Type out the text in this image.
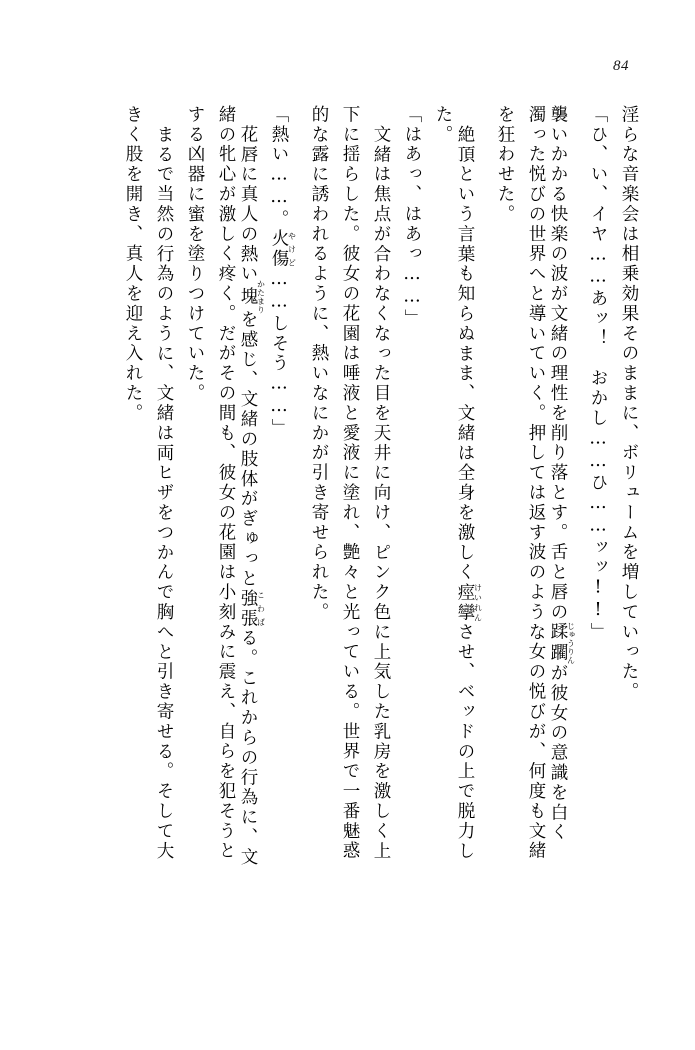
84
淫らな音楽会は相乗効果そのままに、ボリュームを増していった。
「ひ、い、イヤ……あッ！　おかし……ひ……ッッ!!」
襲いかかる快楽の波が文緒の理性を削り落とす。舌と唇の蹂躙じゅうりんが彼女の意識を白く
濁った悦びの世界へと導いていく。押しては返す波のような女の悦びが、何度も文緒
を狂わせた。
絶頂という言葉も知らぬまま、文緒は全身を激しく痙攣けいれんさせ、ベッドの上で脱力し
た。
「はあっ、はあっ……」
文緒は焦点が合わなくなった目を天井に向け、ピンク色に上気した乳房を激しく上
下に揺らした。彼女の花園は唾液と愛液に塗れ、艶々と光っている。世界で一番魅惑
的な露に誘われるように、熱いなにかが引き寄せられた。
「熱い……。火傷やけど……しそう……」
花唇に真人の熱い塊かたまりを感じ、文緒の肢体がぎゅっと強張こわばる。これからの行為に、文
緒の牝心が激しく疼く。だがその間も、彼女の花園は小刻みに震え、自らを犯そうと
する凶器に蜜を塗りつけていた。
まるで当然の行為のように、文緒は両ヒザをつかんで胸へと引き寄せる。そして大
きく股を開き、真人を迎え入れた。
